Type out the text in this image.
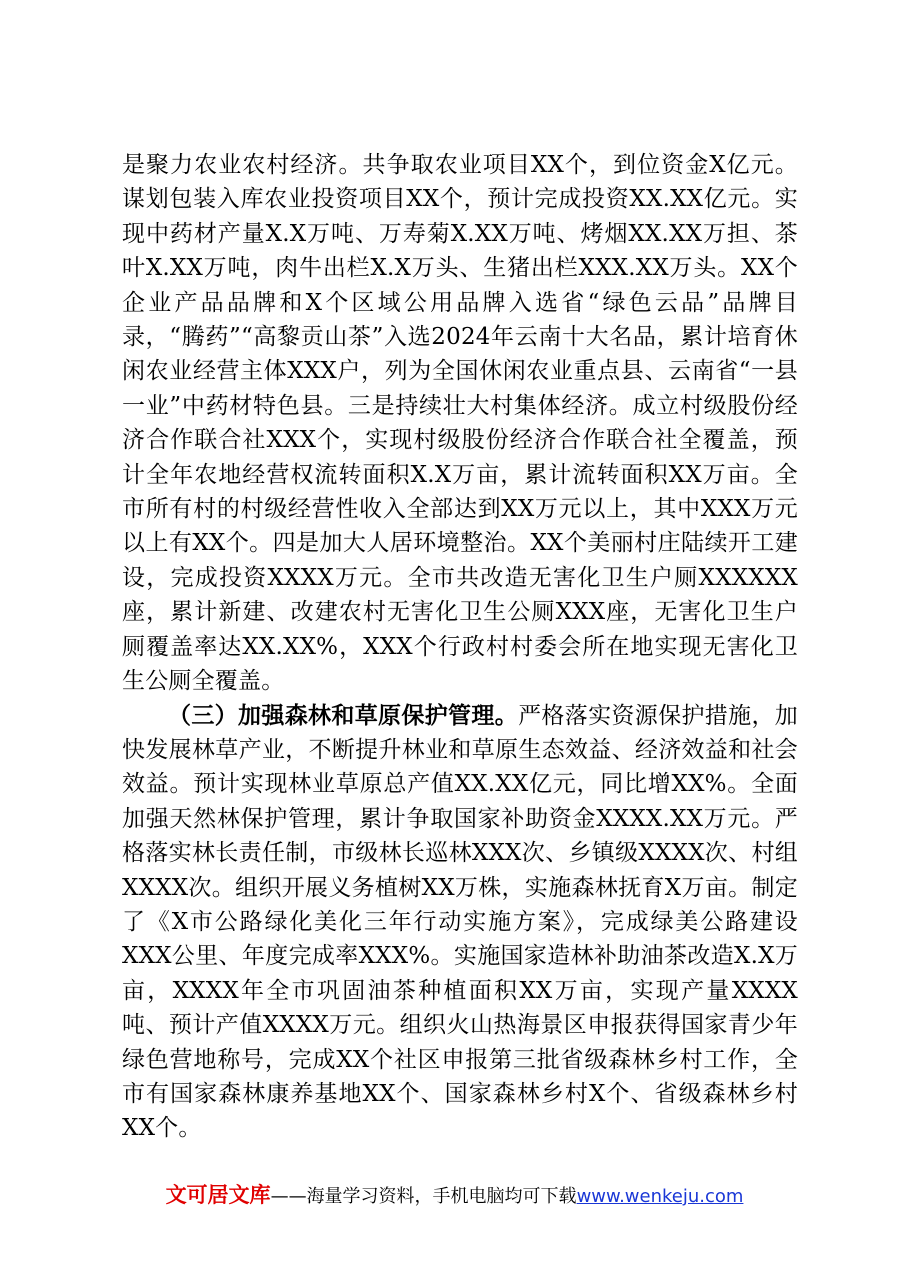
是聚力农业农村经济。共争取农业项目XX个，到位资金X亿元。谋划包装入库农业投资项目XX个，预计完成投资XX.XX亿元。实现中药材产量X.X万吨、万寿菊X.XX万吨、烤烟XX.XX万担、茶叶X.XX万吨，肉牛出栏X.X万头、生猪出栏XXX.XX万头。XX个企业产品品牌和X个区域公用品牌入选省“绿色云品”品牌目录，“腾药”“高黎贡山茶”入选2024年云南十大名品，累计培育休闲农业经营主体XXX户，列为全国休闲农业重点县、云南省“一县一业”中药材特色县。三是持续壮大村集体经济。成立村级股份经济合作联合社XXX个，实现村级股份经济合作联合社全覆盖，预计全年农地经营权流转面积X.X万亩，累计流转面积XX万亩。全市所有村的村级经营性收入全部达到XX万元以上，其中XXX万元以上有XX个。四是加大人居环境整治。XX个美丽村庄陆续开工建设，完成投资XXXX万元。全市共改造无害化卫生户厕XXXXXX座，累计新建、改建农村无害化卫生公厕XXX座，无害化卫生户厕覆盖率达XX.XX%，XXX个行政村村委会所在地实现无害化卫生公厕全覆盖。

（三）加强森林和草原保护管理。严格落实资源保护措施，加快发展林草产业，不断提升林业和草原生态效益、经济效益和社会效益。预计实现林业草原总产值XX.XX亿元，同比增XX%。全面加强天然林保护管理，累计争取国家补助资金XXXX.XX万元。严格落实林长责任制，市级林长巡林XXX次、乡镇级XXXX次、村组XXXX次。组织开展义务植树XX万株，实施森林抚育X万亩。制定了《X市公路绿化美化三年行动实施方案》，完成绿美公路建设XXX公里、年度完成率XXX%。实施国家造林补助油茶改造X.X万亩，XXXX年全市巩固油茶种植面积XX万亩，实现产量XXXX吨、预计产值XXXX万元。组织火山热海景区申报获得国家青少年绿色营地称号，完成XX个社区申报第三批省级森林乡村工作，全市有国家森林康养基地XX个、国家森林乡村X个、省级森林乡村XX个。

文可居文库——海量学习资料，手机电脑均可下载www.wenkeju.com
